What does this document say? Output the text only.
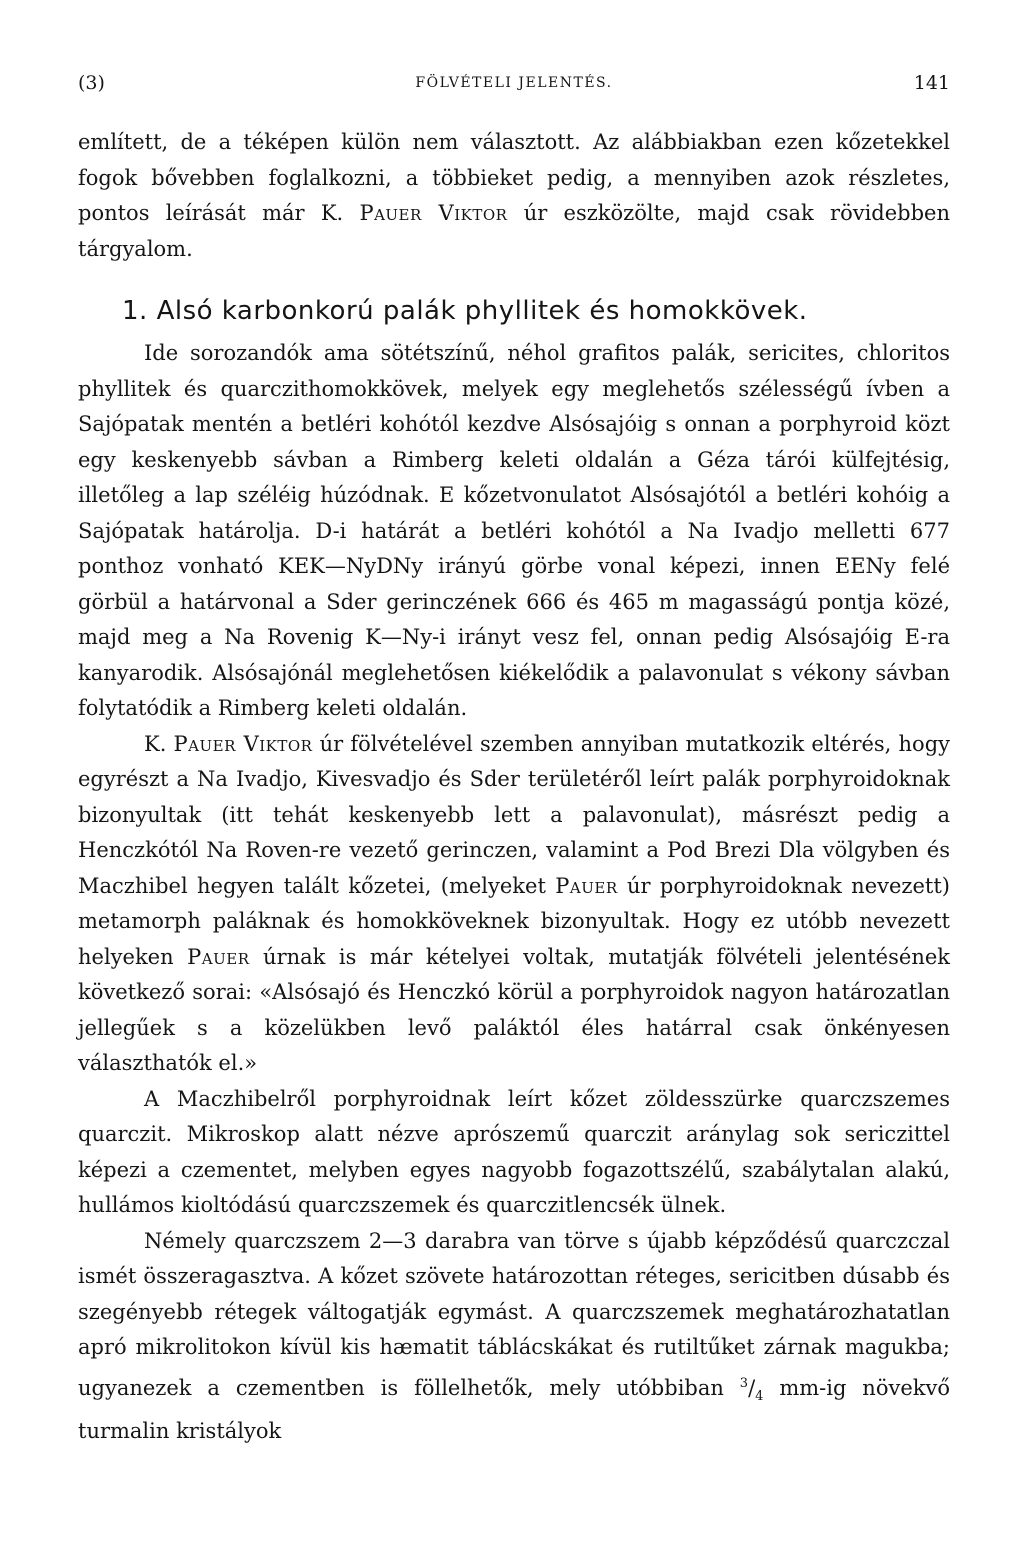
(3)	FÖLVÉTELI JELENTÉS.	141

említett, de a téképen külön nem választott. Az alábbiakban ezen kőzetekkel fogok bővebben foglalkozni, a többieket pedig, a mennyiben azok részletes, pontos leírását már K. Pauer Viktor úr eszközölte, majd csak rövidebben tárgyalom.

1. Alsó karbonkorú palák phyllitek és homokkövek.

Ide sorozandók ama sötétszínű, néhol grafitos palák, sericites, chloritos phyllitek és quarczithomokkövek, melyek egy meglehetős szélességű ívben a Sajópatak mentén a betléri kohótól kezdve Alsósajóig s onnan a porphyroid közt egy keskenyebb sávban a Rimberg keleti oldalán a Géza tárói külfejtésig, illetőleg a lap széléig húzódnak. E kőzetvonulatot Alsósajótól a betléri kohóig a Sajópatak határolja. D-i határát a betléri kohótól a Na Ivadjo melletti 677 ponthoz vonható KEK—NyDNy irányú görbe vonal képezi, innen EENy felé görbül a határvonal a Sder gerinczének 666 és 465 m magasságú pontja közé, majd meg a Na Rovenig K—Ny-i irányt vesz fel, onnan pedig Alsósajóig E-ra kanyarodik. Alsósajónál meglehetősen kiékelődik a palavonulat s vékony sávban folytatódik a Rimberg keleti oldalán.

K. Pauer Viktor úr fölvételével szemben annyiban mutatkozik eltérés, hogy egyrészt a Na Ivadjo, Kivesvadjo és Sder területéről leírt palák porphyroidoknak bizonyultak (itt tehát keskenyebb lett a palavonulat), másrészt pedig a Henczkótól Na Roven-re vezető gerinczen, valamint a Pod Brezi Dla völgyben és Maczhibel hegyen talált kőzetei, (melyeket Pauer úr porphyroidoknak nevezett) metamorph paláknak és homokköveknek bizonyultak. Hogy ez utóbb nevezett helyeken Pauer úrnak is már kételyei voltak, mutatják fölvételi jelentésének következő sorai: «Alsósajó és Henczkó körül a porphyroidok nagyon határozatlan jellegűek s a közelükben levő paláktól éles határral csak önkényesen választhatók el.»

A Maczhibelről porphyroidnak leírt kőzet zöldesszürke quarczszemes quarczit. Mikroskop alatt nézve aprószemű quarczit aránylag sok sericzittel képezi a czementet, melyben egyes nagyobb fogazottszélű, szabálytalan alakú, hullámos kioltódású quarczszemek és quarczitlencsék ülnek.

Némely quarczszem 2—3 darabra van törve s újabb képződésű quarczczal ismét összeragasztva. A kőzet szövete határozottan réteges, sericitben dúsabb és szegényebb rétegek váltogatják egymást. A quarczszemek meghatározhatatlan apró mikrolitokon kívül kis hæmatit táblácskákat és rutiltűket zárnak magukba; ugyanezek a czementben is föllelhetők, mely utóbbiban $^3/_4$ mm-ig növekvő turmalin kristályok
